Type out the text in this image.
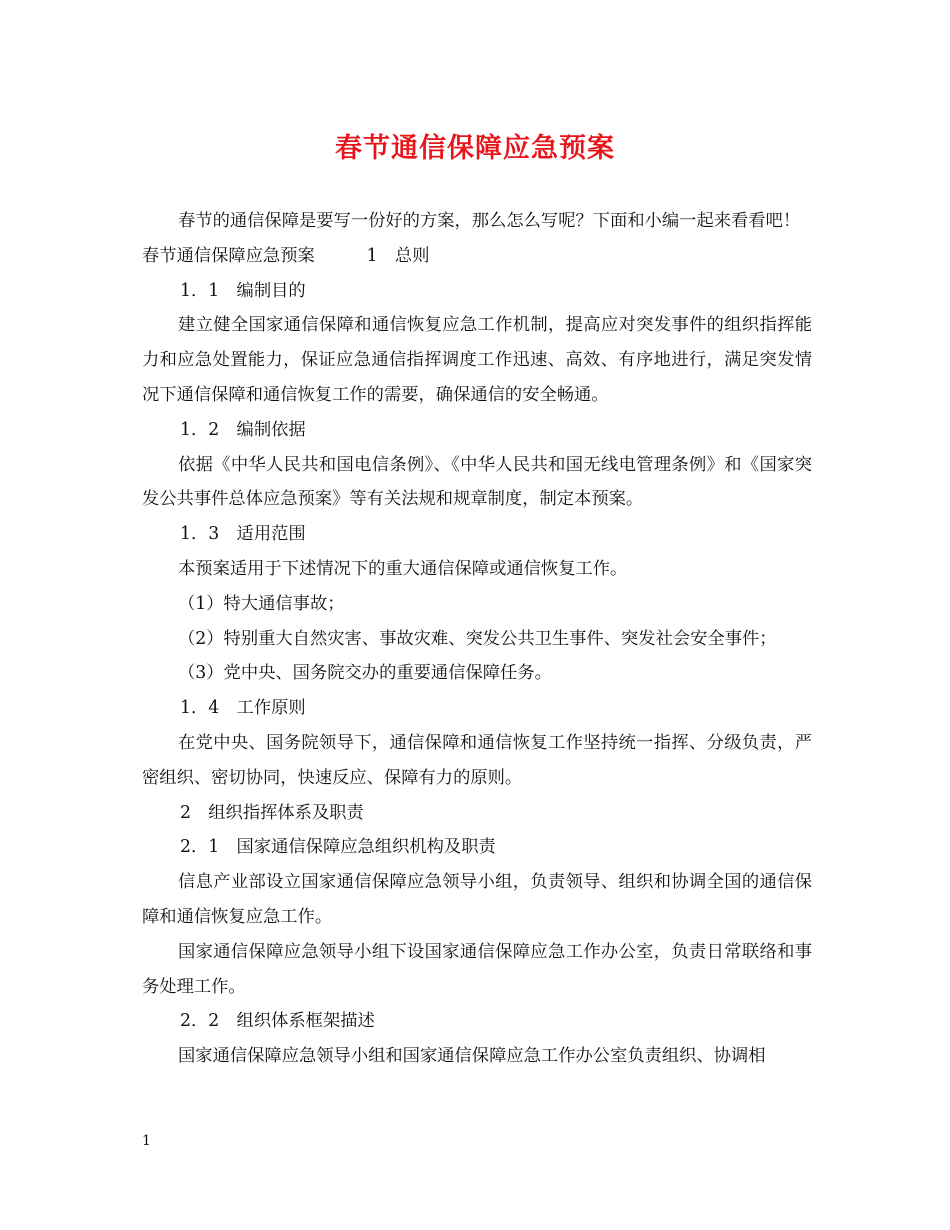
春节通信保障应急预案

春节的通信保障是要写一份好的方案，那么怎么写呢？下面和小编一起来看看吧！

春节通信保障应急预案　　　1　总则

1．1　编制目的

建立健全国家通信保障和通信恢复应急工作机制，提高应对突发事件的组织指挥能力和应急处置能力，保证应急通信指挥调度工作迅速、高效、有序地进行，满足突发情况下通信保障和通信恢复工作的需要，确保通信的安全畅通。

1．2　编制依据

依据《中华人民共和国电信条例》、《中华人民共和国无线电管理条例》和《国家突发公共事件总体应急预案》等有关法规和规章制度，制定本预案。

1．3　适用范围

本预案适用于下述情况下的重大通信保障或通信恢复工作。

（1）特大通信事故；

（2）特别重大自然灾害、事故灾难、突发公共卫生事件、突发社会安全事件；

（3）党中央、国务院交办的重要通信保障任务。

1．4　工作原则

在党中央、国务院领导下，通信保障和通信恢复工作坚持统一指挥、分级负责，严密组织、密切协同，快速反应、保障有力的原则。

2　组织指挥体系及职责

2．1　国家通信保障应急组织机构及职责

信息产业部设立国家通信保障应急领导小组，负责领导、组织和协调全国的通信保障和通信恢复应急工作。

国家通信保障应急领导小组下设国家通信保障应急工作办公室，负责日常联络和事务处理工作。

2．2　组织体系框架描述

国家通信保障应急领导小组和国家通信保障应急工作办公室负责组织、协调相

1
